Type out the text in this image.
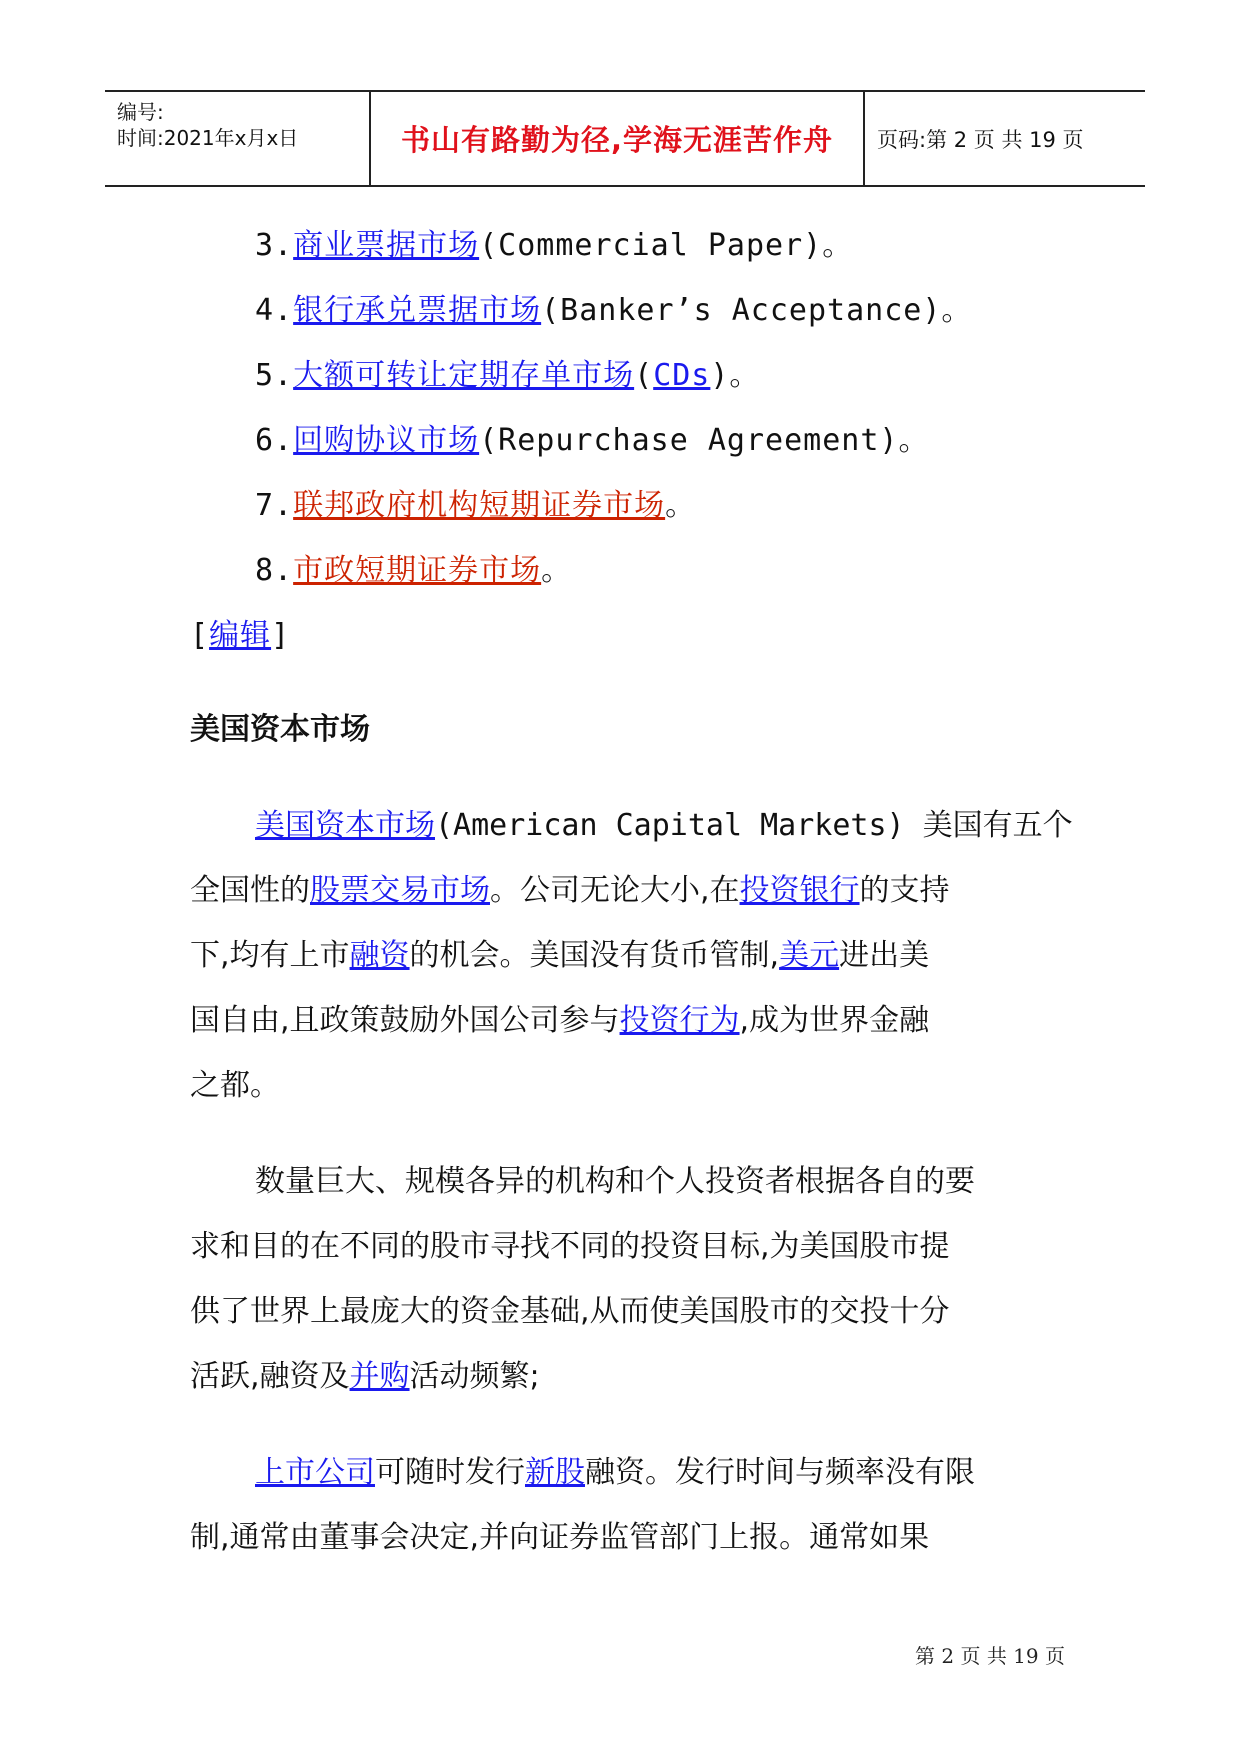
编号:
时间:2021年x月x日	书山有路勤为径,学海无涯苦作舟 页码:第 2 页 共 19 页
3.商业票据市场(Commercial Paper)。
4.银行承兑票据市场(Banker’s Acceptance)。
5.大额可转让定期存单市场(CDs)。
6.回购协议市场(Repurchase Agreement)。
7.联邦政府机构短期证券市场。
8.市政短期证券市场。
[编辑]
美国资本市场
美国资本市场(American Capital Markets) 美国有五个
全国性的股票交易市场。公司无论大小,在投资银行的支持
下,均有上市融资的机会。美国没有货币管制,美元进出美
国自由,且政策鼓励外国公司参与投资行为,成为世界金融
之都。
数量巨大、规模各异的机构和个人投资者根据各自的要
求和目的在不同的股市寻找不同的投资目标,为美国股市提
供了世界上最庞大的资金基础,从而使美国股市的交投十分
活跃,融资及并购活动频繁;
上市公司可随时发行新股融资。发行时间与频率没有限
制,通常由董事会决定,并向证券监管部门上报。通常如果
第 2 页 共 19 页
